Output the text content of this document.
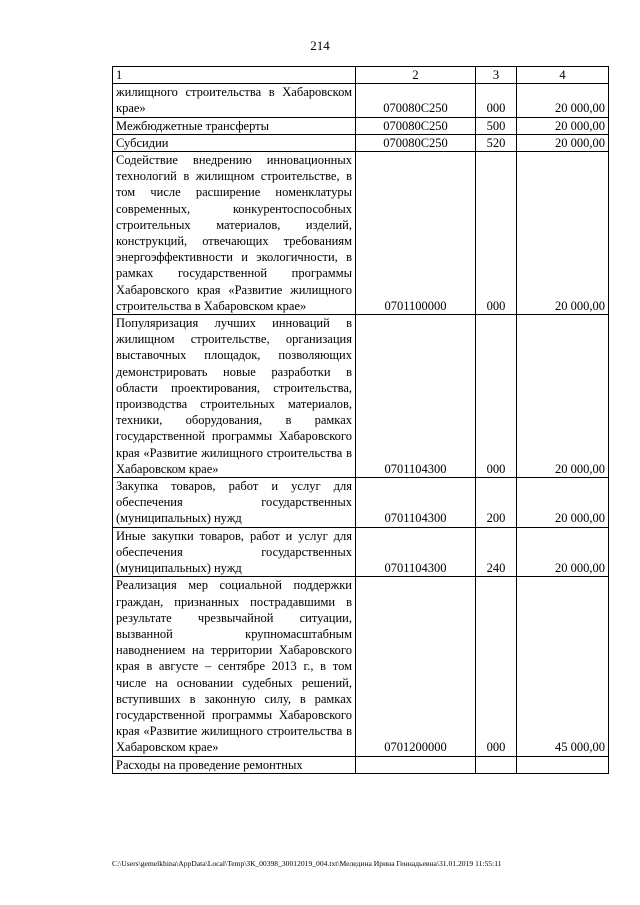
214
1	2	3	4
жилищного строительства в Хабаровском крае»	070080С250	000	20 000,00
Межбюджетные трансферты	070080С250	500	20 000,00
Субсидии	070080С250	520	20 000,00
Содействие внедрению инновационных технологий в жилищном строительстве, в том числе расширение номенклатуры современных, конкурентоспособных строительных материалов, изделий, конструкций, отвечающих требованиям энергоэффективности и экологичности, в рамках государственной программы Хабаровского края «Развитие жилищного строительства в Хабаровском крае»	0701100000	000	20 000,00
Популяризация лучших инноваций в жилищном строительстве, организация выставочных площадок, позволяющих демонстрировать новые разработки в области проектирования, строительства, производства строительных материалов, техники, оборудования, в рамках государственной программы Хабаровского края «Развитие жилищного строительства в Хабаровском крае»	0701104300	000	20 000,00
Закупка товаров, работ и услуг для обеспечения государственных (муниципальных) нужд	0701104300	200	20 000,00
Иные закупки товаров, работ и услуг для обеспечения государственных (муниципальных) нужд	0701104300	240	20 000,00
Реализация мер социальной поддержки граждан, признанных пострадавшими в результате чрезвычайной ситуации, вызванной крупномасштабным наводнением на территории Хабаровского края в августе – сентябре 2013 г., в том числе на основании судебных решений, вступивших в законную силу, в рамках государственной программы Хабаровского края «Развитие жилищного строительства в Хабаровском крае»	0701200000	000	45 000,00
Расходы на проведение ремонтных			
C:\Users\gemelkhina\AppData\Local\Temp\ЗК_00398_30012019_004.txt\Меледина Ирина Геннадьевна\31.01.2019 11:55:11
